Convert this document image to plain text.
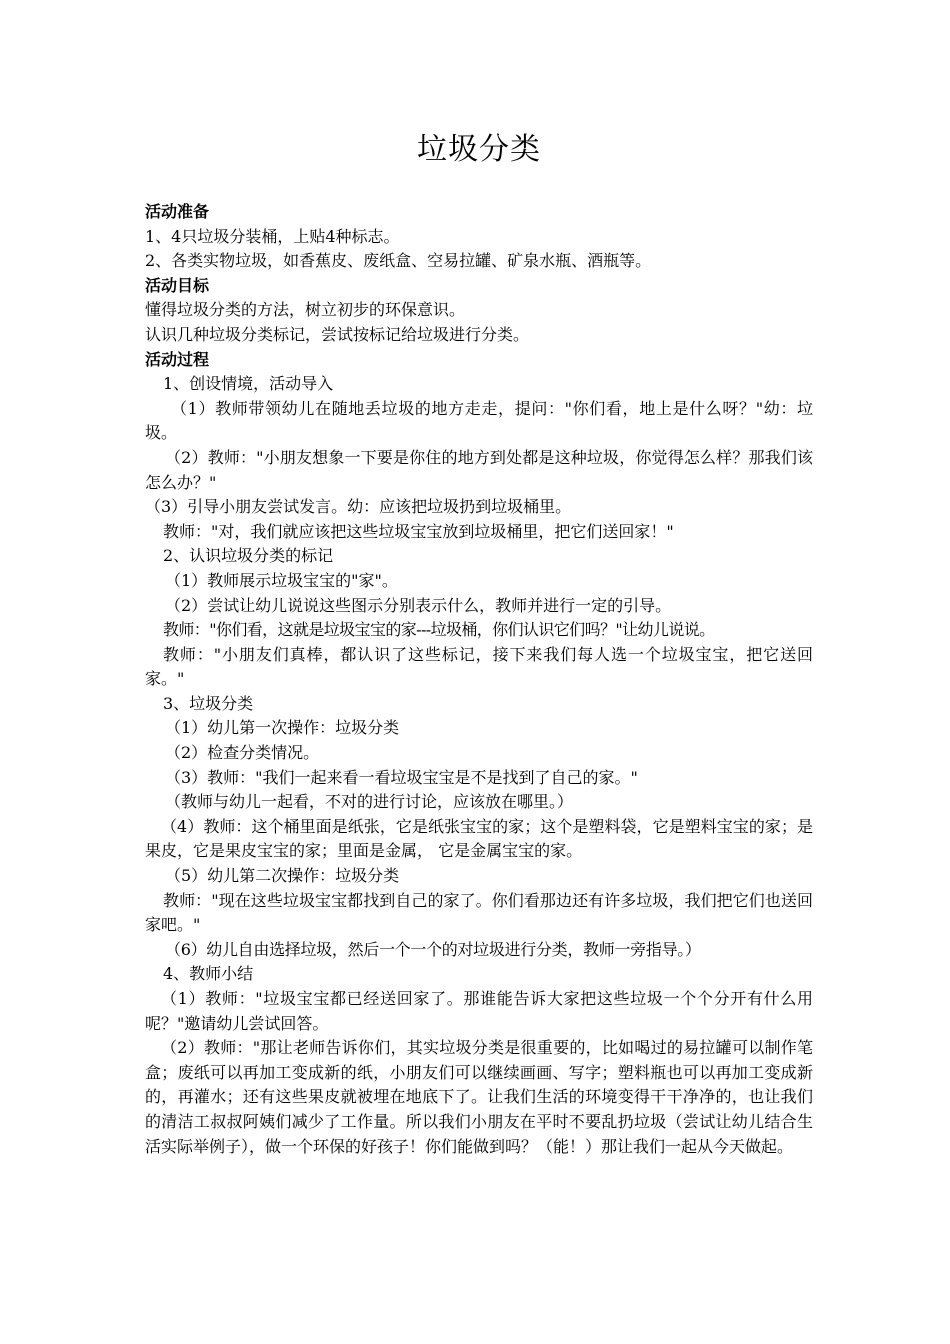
垃圾分类

活动准备

1、4只垃圾分装桶，上贴4种标志。

2、各类实物垃圾，如香蕉皮、废纸盒、空易拉罐、矿泉水瓶、酒瓶等。

活动目标

懂得垃圾分类的方法，树立初步的环保意识。

认识几种垃圾分类标记，尝试按标记给垃圾进行分类。

活动过程

1、创设情境，活动导入

（1）教师带领幼儿在随地丢垃圾的地方走走，提问："你们看，地上是什么呀？"幼：垃圾。

（2）教师："小朋友想象一下要是你住的地方到处都是这种垃圾，你觉得怎么样？那我们该怎么办？"

（3）引导小朋友尝试发言。幼：应该把垃圾扔到垃圾桶里。

教师："对，我们就应该把这些垃圾宝宝放到垃圾桶里，把它们送回家！"

2、认识垃圾分类的标记

（1）教师展示垃圾宝宝的"家"。

（2）尝试让幼儿说说这些图示分别表示什么，教师并进行一定的引导。

教师："你们看，这就是垃圾宝宝的家---垃圾桶，你们认识它们吗？"让幼儿说说。

教师："小朋友们真棒，都认识了这些标记，接下来我们每人选一个垃圾宝宝，把它送回家。"

3、垃圾分类

（1）幼儿第一次操作：垃圾分类

（2）检查分类情况。

（3）教师："我们一起来看一看垃圾宝宝是不是找到了自己的家。"

（教师与幼儿一起看，不对的进行讨论，应该放在哪里。）

（4）教师：这个桶里面是纸张，它是纸张宝宝的家；这个是塑料袋，它是塑料宝宝的家；是果皮，它是果皮宝宝的家；里面是金属， 它是金属宝宝的家。

（5）幼儿第二次操作：垃圾分类

教师："现在这些垃圾宝宝都找到自己的家了。你们看那边还有许多垃圾，我们把它们也送回家吧。"

（6）幼儿自由选择垃圾，然后一个一个的对垃圾进行分类，教师一旁指导。）

4、教师小结

（1）教师："垃圾宝宝都已经送回家了。那谁能告诉大家把这些垃圾一个个分开有什么用呢？"邀请幼儿尝试回答。

（2）教师："那让老师告诉你们，其实垃圾分类是很重要的，比如喝过的易拉罐可以制作笔盒；废纸可以再加工变成新的纸，小朋友们可以继续画画、写字；塑料瓶也可以再加工变成新的，再灌水；还有这些果皮就被埋在地底下了。让我们生活的环境变得干干净净的，也让我们的清洁工叔叔阿姨们减少了工作量。所以我们小朋友在平时不要乱扔垃圾（尝试让幼儿结合生活实际举例子），做一个环保的好孩子！你们能做到吗？（能！）那让我们一起从今天做起。
